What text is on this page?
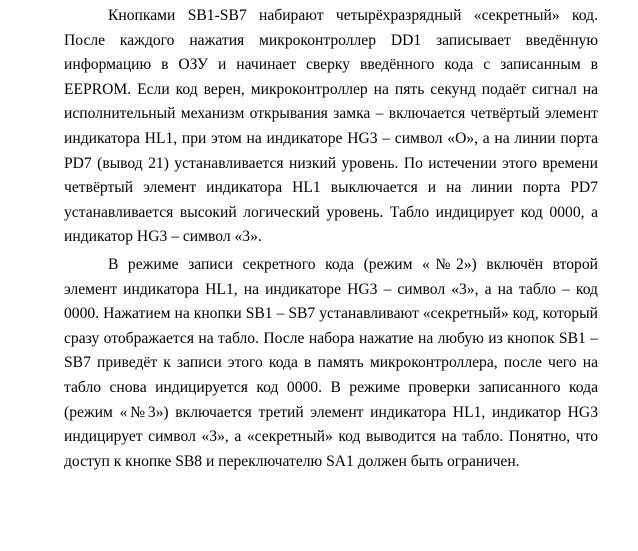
Кнопками SB1-SB7 набирают четырёхразрядный «секретный» код. После каждого нажатия микроконтроллер DD1 записывает введённую информацию в ОЗУ и начинает сверку введённого кода с записанным в EEPROM. Если код верен, микроконтроллер на пять секунд подаёт сигнал на исполнительный механизм открывания замка – включается четвёртый элемент индикатора HL1, при этом на индикаторе HG3 – символ «О», а на линии порта PD7 (вывод 21) устанавливается низкий уровень. По истечении этого времени четвёртый элемент индикатора HL1 выключается и на линии порта PD7 устанавливается высокий логический уровень. Табло индицирует код 0000, а индикатор HG3 – символ «3».

В режиме записи секретного кода (режим «№2») включён второй элемент индикатора HL1, на индикаторе HG3 – символ «3», а на табло – код 0000. Нажатием на кнопки SB1 – SB7 устанавливают «секретный» код, который сразу отображается на табло. После набора нажатие на любую из кнопок SB1 – SB7 приведёт к записи этого кода в память микроконтроллера, после чего на табло снова индицируется код 0000. В режиме проверки записанного кода (режим «№3») включается третий элемент индикатора HL1, индикатор HG3 индицирует символ «3», а «секретный» код выводится на табло. Понятно, что доступ к кнопке SB8 и переключателю SA1 должен быть ограничен.
